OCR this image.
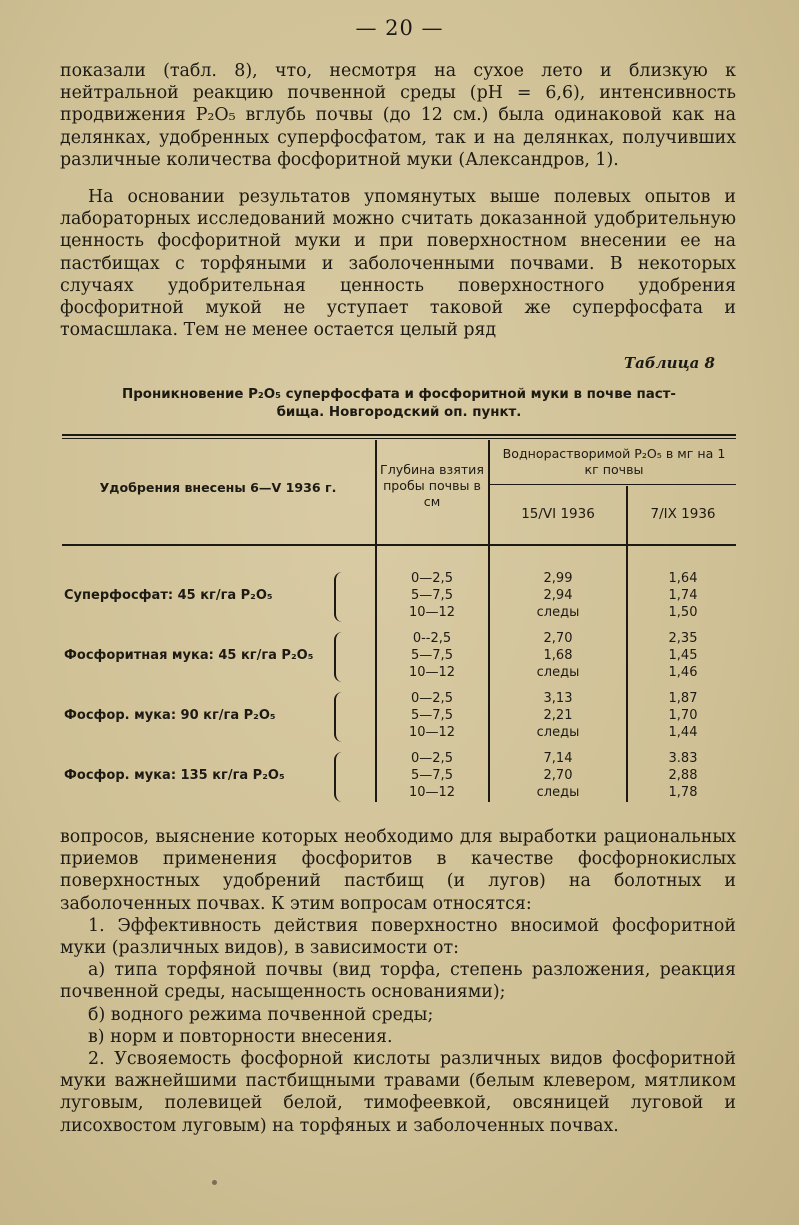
— 20 —
показали (табл. 8), что, несмотря на сухое лето и близкую к нейтральной реакцию почвенной среды (pH = 6,6), интенсивность продвижения P₂O₅ вглубь почвы (до 12 см.) была одинаковой как на делянках, удобренных суперфосфатом, так и на делянках, получивших различные количества фосфоритной муки (Александров, 1).
На основании результатов упомянутых выше полевых опытов и лабораторных исследований можно считать доказанной удобрительную ценность фосфоритной муки и при поверхностном внесении ее на пастбищах с торфяными и заболоченными почвами. В некоторых случаях удобрительная ценность поверхностного удобрения фосфоритной мукой не уступает таковой же суперфосфата и томасшлака. Тем не менее остается целый ряд
Таблица 8
Проникновение P₂O₅ суперфосфата и фосфоритной муки в почве паст-
бища. Новгородский оп. пункт.
Удобрения внесены 6—V 1936 г.
Глубина взятия пробы почвы в см
Воднорастворимой P₂O₅ в мг на 1 кг почвы
15/VI 1936	7/IX 1936
Суперфосфат: 45 кг/га P₂O₅
0—2,5
5—7,5
10—12
2,99
2,94
следы
1,64
1,74
1,50
Фосфоритная мука: 45 кг/га P₂O₅
0--2,5
5—7,5
10—12
2,70
1,68
следы
2,35
1,45
1,46
Фосфор. мука: 90 кг/га P₂O₅
0—2,5
5—7,5
10—12
3,13
2,21
следы
1,87
1,70
1,44
Фосфор. мука: 135 кг/га P₂O₅
0—2,5
5—7,5
10—12
7,14
2,70
следы
3.83
2,88
1,78

вопросов, выяснение которых необходимо для выработки рациональных приемов применения фосфоритов в качестве фосфорнокислых поверхностных удобрений пастбищ (и лугов) на болотных и заболоченных почвах. К этим вопросам относятся:

1. Эффективность действия поверхностно вносимой фосфоритной муки (различных видов), в зависимости от:

а) типа торфяной почвы (вид торфа, степень разложения, реакция почвенной среды, насыщенность основаниями);

б) водного режима почвенной среды;

в) норм и повторности внесения.

2. Усвояемость фосфорной кислоты различных видов фосфоритной муки важнейшими пастбищными травами (белым клевером, мятликом луговым, полевицей белой, тимофеевкой, овсяницей луговой и лисохвостом луговым) на торфяных и заболоченных почвах.
